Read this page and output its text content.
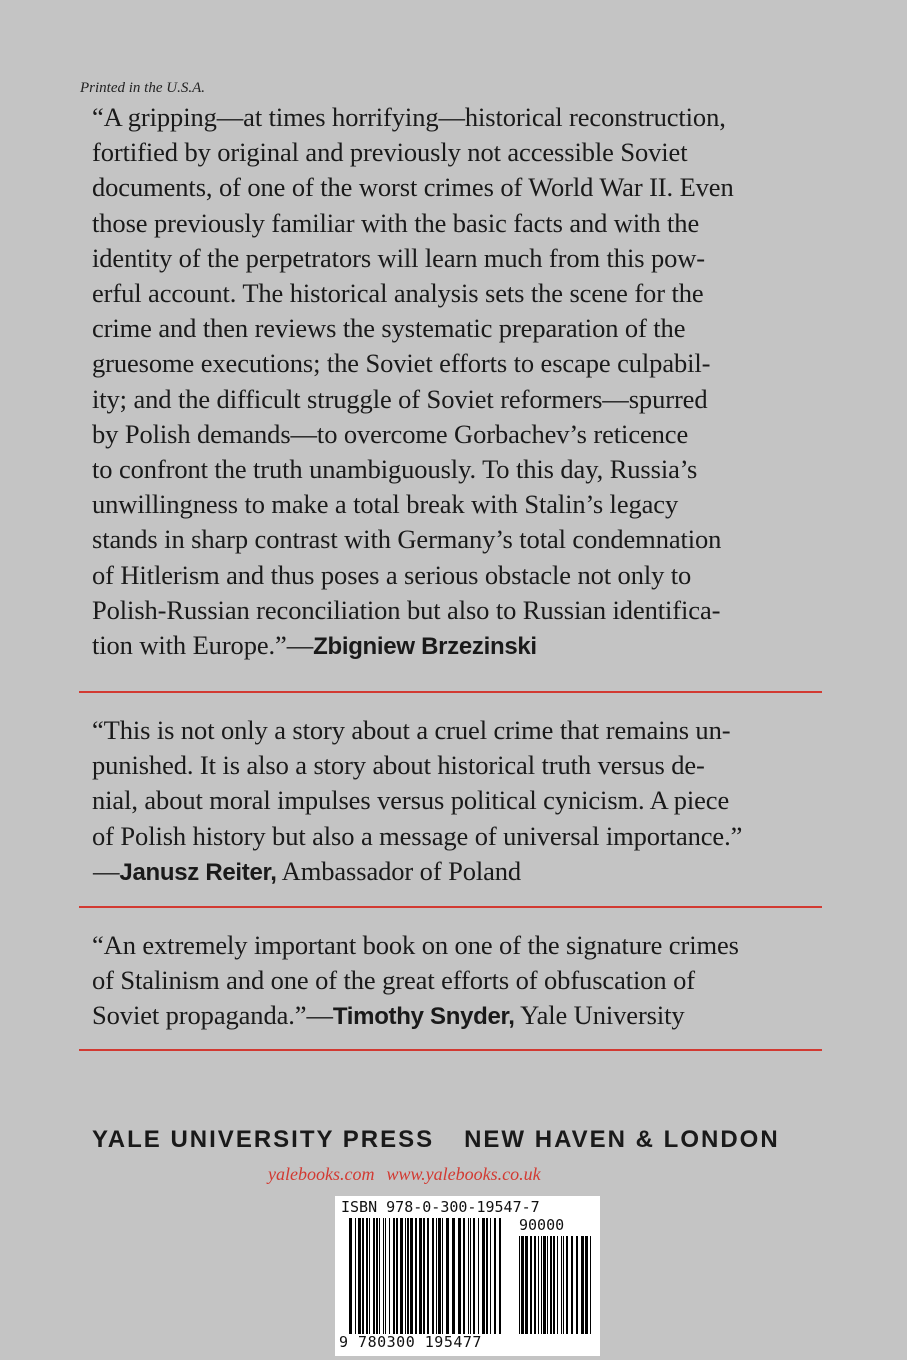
Printed in the U.S.A.
“A gripping—at times horrifying—historical reconstruction,
fortified by original and previously not accessible Soviet
documents, of one of the worst crimes of World War II. Even
those previously familiar with the basic facts and with the
identity of the perpetrators will learn much from this pow-
erful account. The historical analysis sets the scene for the
crime and then reviews the systematic preparation of the
gruesome executions; the Soviet efforts to escape culpabil-
ity; and the difficult struggle of Soviet reformers—spurred
by Polish demands—to overcome Gorbachev’s reticence
to confront the truth unambiguously. To this day, Russia’s
unwillingness to make a total break with Stalin’s legacy
stands in sharp contrast with Germany’s total condemnation
of Hitlerism and thus poses a serious obstacle not only to
Polish-Russian reconciliation but also to Russian identifica-
tion with Europe.”—Zbigniew Brzezinski
“This is not only a story about a cruel crime that remains un-
punished. It is also a story about historical truth versus de-
nial, about moral impulses versus political cynicism. A piece
of Polish history but also a message of universal importance.”
—Janusz Reiter, Ambassador of Poland
“An extremely important book on one of the signature crimes
of Stalinism and one of the great efforts of obfuscation of
Soviet propaganda.”—Timothy Snyder, Yale University
YALE UNIVERSITY PRESS NEW HAVEN & LONDON
yalebooks.com www.yalebooks.co.uk
ISBN 978-0-300-19547-7
90000
9 780300 195477
